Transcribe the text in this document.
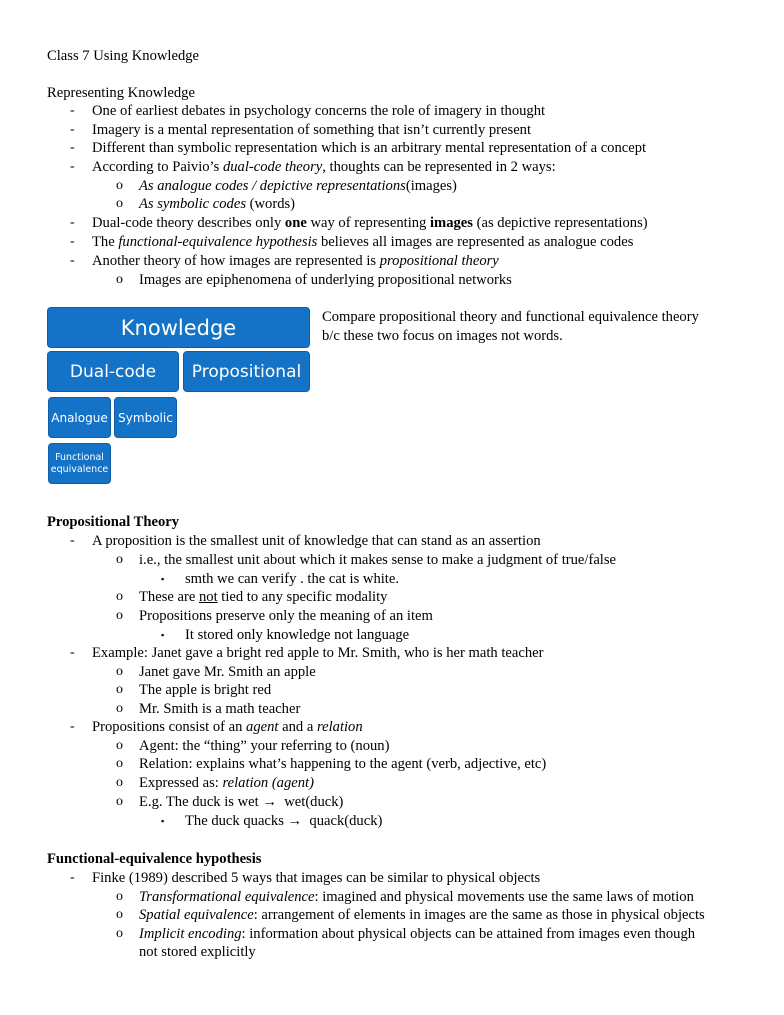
Class 7 Using Knowledge
Representing Knowledge
- One of earliest debates in psychology concerns the role of imagery in thought
- Imagery is a mental representation of something that isn’t currently present
- Different than symbolic representation which is an arbitrary mental representation of a concept
- According to Paivio’s dual-code theory, thoughts can be represented in 2 ways:
o As analogue codes / depictive representations(images)
o As symbolic codes (words)
- Dual-code theory describes only one way of representing images (as depictive representations)
- The functional-equivalence hypothesis believes all images are represented as analogue codes
- Another theory of how images are represented is propositional theory
o Images are epiphenomena of underlying propositional networks
Knowledge
Dual-code Propositional
Analogue Symbolic
Functional
equivalence
Compare propositional theory and functional equivalence theory
b/c these two focus on images not words.
Propositional Theory
- A proposition is the smallest unit of knowledge that can stand as an assertion
o i.e., the smallest unit about which it makes sense to make a judgment of true/false
▪ smth we can verify . the cat is white.
o These are not tied to any specific modality
o Propositions preserve only the meaning of an item
▪ It stored only knowledge not language
- Example: Janet gave a bright red apple to Mr. Smith, who is her math teacher
o Janet gave Mr. Smith an apple
o The apple is bright red
o Mr. Smith is a math teacher
- Propositions consist of an agent and a relation
o Agent: the “thing” your referring to (noun)
o Relation: explains what’s happening to the agent (verb, adjective, etc)
o Expressed as: relation (agent)
o E.g. The duck is wet →  wet(duck)
▪ The duck quacks →  quack(duck)
Functional-equivalence hypothesis
- Finke (1989) described 5 ways that images can be similar to physical objects
o Transformational equivalence: imagined and physical movements use the same laws of motion
o Spatial equivalence: arrangement of elements in images are the same as those in physical objects
o Implicit encoding: information about physical objects can be attained from images even though
not stored explicitly
